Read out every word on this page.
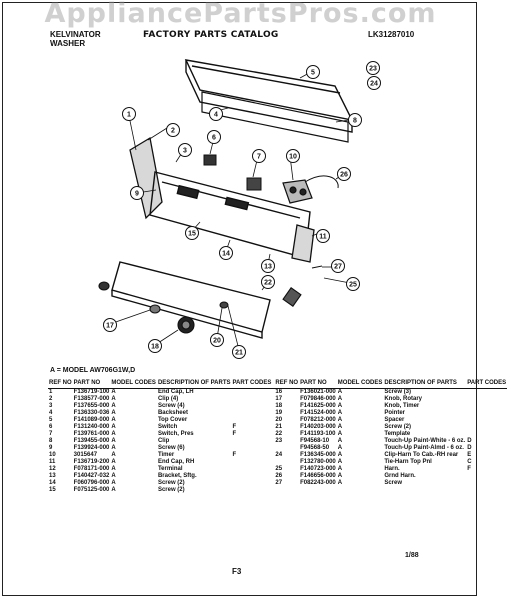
AppliancePartsPros.com
KELVINATOR
WASHER
FACTORY PARTS CATALOG	LK31287010
1
2
3
4
5
6
7
8
9
10
11
23
13
14
15
26
17
18
20
21
22
24
25
27
A = MODEL AW706G1W,D
REF NO	PART NO	MODEL CODES	DESCRIPTION OF PARTS	PART CODES		REF NO	PART NO	MODEL CODES	DESCRIPTION OF PARTS	PART CODES
1	F136719-100	A	End Cap, LH			16	F136021-000	A	Screw (3)	
2	F138577-000	A	Clip (4)			17	F079846-000	A	Knob, Rotary	
3	F137655-000	A	Screw (4)			18	F141625-000	A	Knob, Timer	
4	F136330-036	A	Backsheet			19	F141524-000	A	Pointer	
5	F141089-000	A	Top Cover			20	F078212-000	A	Spacer	
6	F131240-000	A	Switch	F		21	F140203-000	A	Screw (2)	
7	F139761-000	A	Switch, Pres	F		22	F141193-100	A	Template	
8	F139455-000	A	Clip			23	F94568-10	A	Touch-Up Paint-White - 6 oz.	D
9	F139924-000	A	Screw (6)				F94568-50	A	Touch-Up Paint-Almd - 6 oz.	D
10	3015647	A	Timer	F		24	F136345-000	A	Clip-Harn To Cab.-RH rear	E
11	F136719-200	A	End Cap, RH				F132780-000	A	Tie-Harn Top Pnl	C
12	F078171-000	A	Terminal			25	F140723-000	A	Harn.	F
13	F140427-032	A	Bracket, Sftg.			26	F146656-000	A	Grnd Harn.	
14	F060796-000	A	Screw (2)			27	F082243-000	A	Screw	
15	F075125-000	A	Screw (2)							
1/88
F3
